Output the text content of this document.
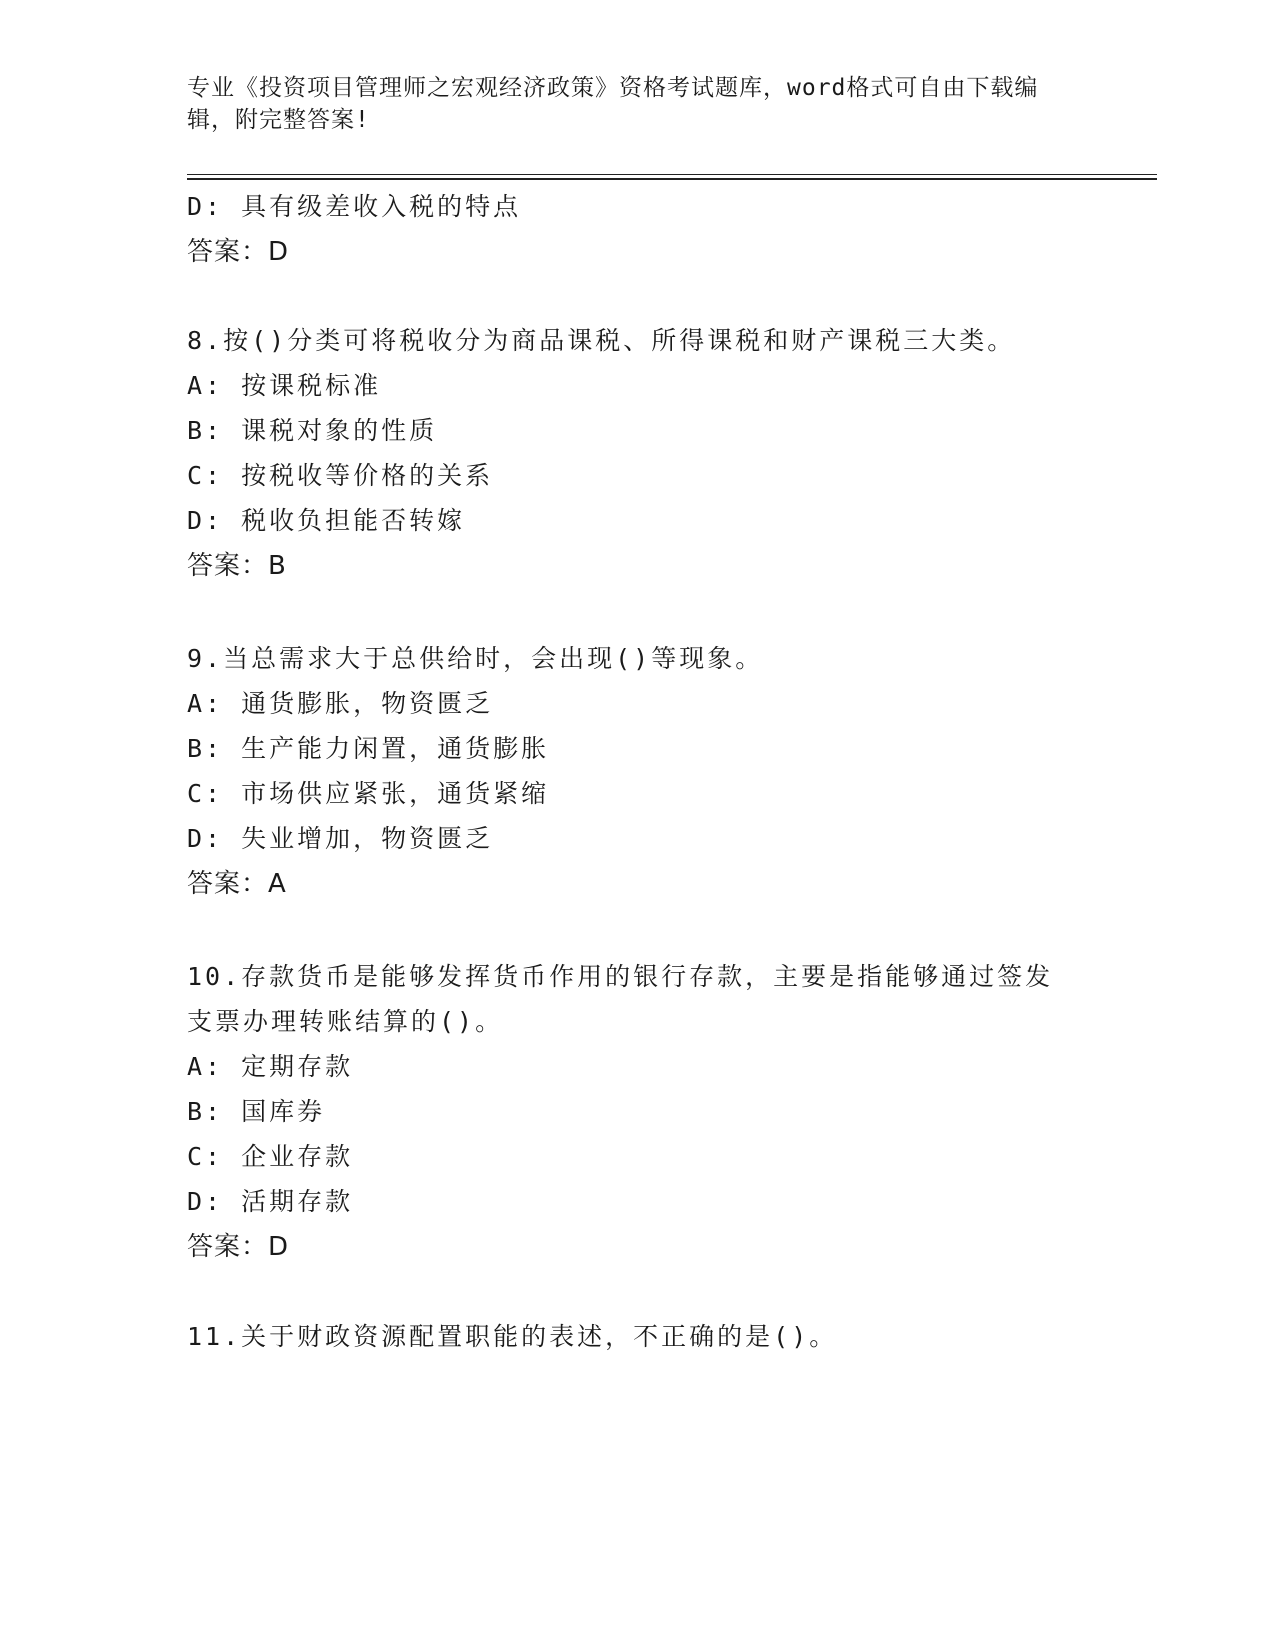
专业《投资项目管理师之宏观经济政策》资格考试题库，word格式可自由下载编辑，附完整答案!
D: 具有级差收入税的特点
答案：D
8.按()分类可将税收分为商品课税、所得课税和财产课税三大类。
A: 按课税标准
B: 课税对象的性质
C: 按税收等价格的关系
D: 税收负担能否转嫁
答案：B
9.当总需求大于总供给时，会出现()等现象。
A: 通货膨胀，物资匮乏
B: 生产能力闲置，通货膨胀
C: 市场供应紧张，通货紧缩
D: 失业增加，物资匮乏
答案：A
10.存款货币是能够发挥货币作用的银行存款，主要是指能够通过签发
支票办理转账结算的()。
A: 定期存款
B: 国库券
C: 企业存款
D: 活期存款
答案：D
11.关于财政资源配置职能的表述，不正确的是()。
